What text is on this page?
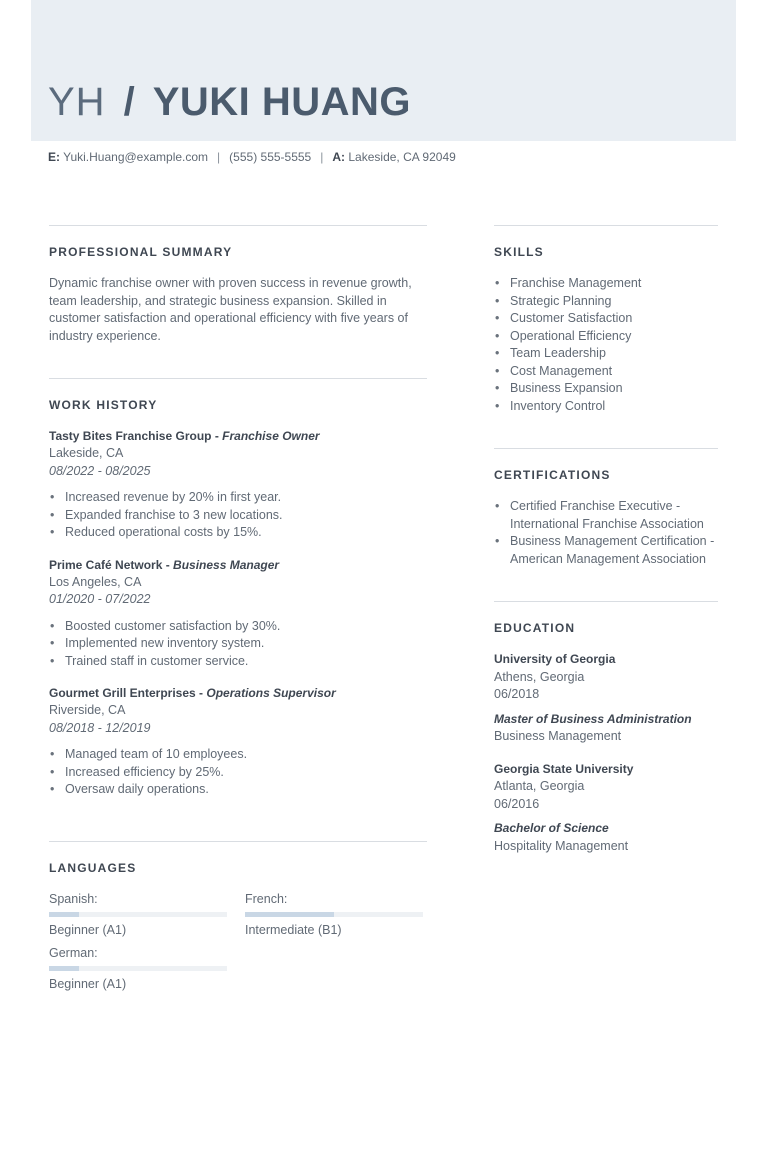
YH / YUKI HUANG
E: Yuki.Huang@example.com | (555) 555-5555 | A: Lakeside, CA 92049
PROFESSIONAL SUMMARY

Dynamic franchise owner with proven success in revenue growth, team leadership, and strategic business expansion. Skilled in customer satisfaction and operational efficiency with five years of industry experience.

WORK HISTORY
Tasty Bites Franchise Group - Franchise Owner
Lakeside, CA
08/2022 - 08/2025
• Increased revenue by 20% in first year.
• Expanded franchise to 3 new locations.
• Reduced operational costs by 15%.
Prime Café Network - Business Manager
Los Angeles, CA
01/2020 - 07/2022
• Boosted customer satisfaction by 30%.
• Implemented new inventory system.
• Trained staff in customer service.
Gourmet Grill Enterprises - Operations Supervisor
Riverside, CA
08/2018 - 12/2019
• Managed team of 10 employees.
• Increased efficiency by 25%.
• Oversaw daily operations.
LANGUAGES
Spanish:
Beginner (A1)
French:
Intermediate (B1)
German:
Beginner (A1)
SKILLS
• Franchise Management
• Strategic Planning
• Customer Satisfaction
• Operational Efficiency
• Team Leadership
• Cost Management
• Business Expansion
• Inventory Control
CERTIFICATIONS
• Certified Franchise Executive - International Franchise Association
• Business Management Certification - American Management Association
EDUCATION
University of Georgia
Athens, Georgia
06/2018
Master of Business Administration
Business Management
Georgia State University
Atlanta, Georgia
06/2016
Bachelor of Science
Hospitality Management
